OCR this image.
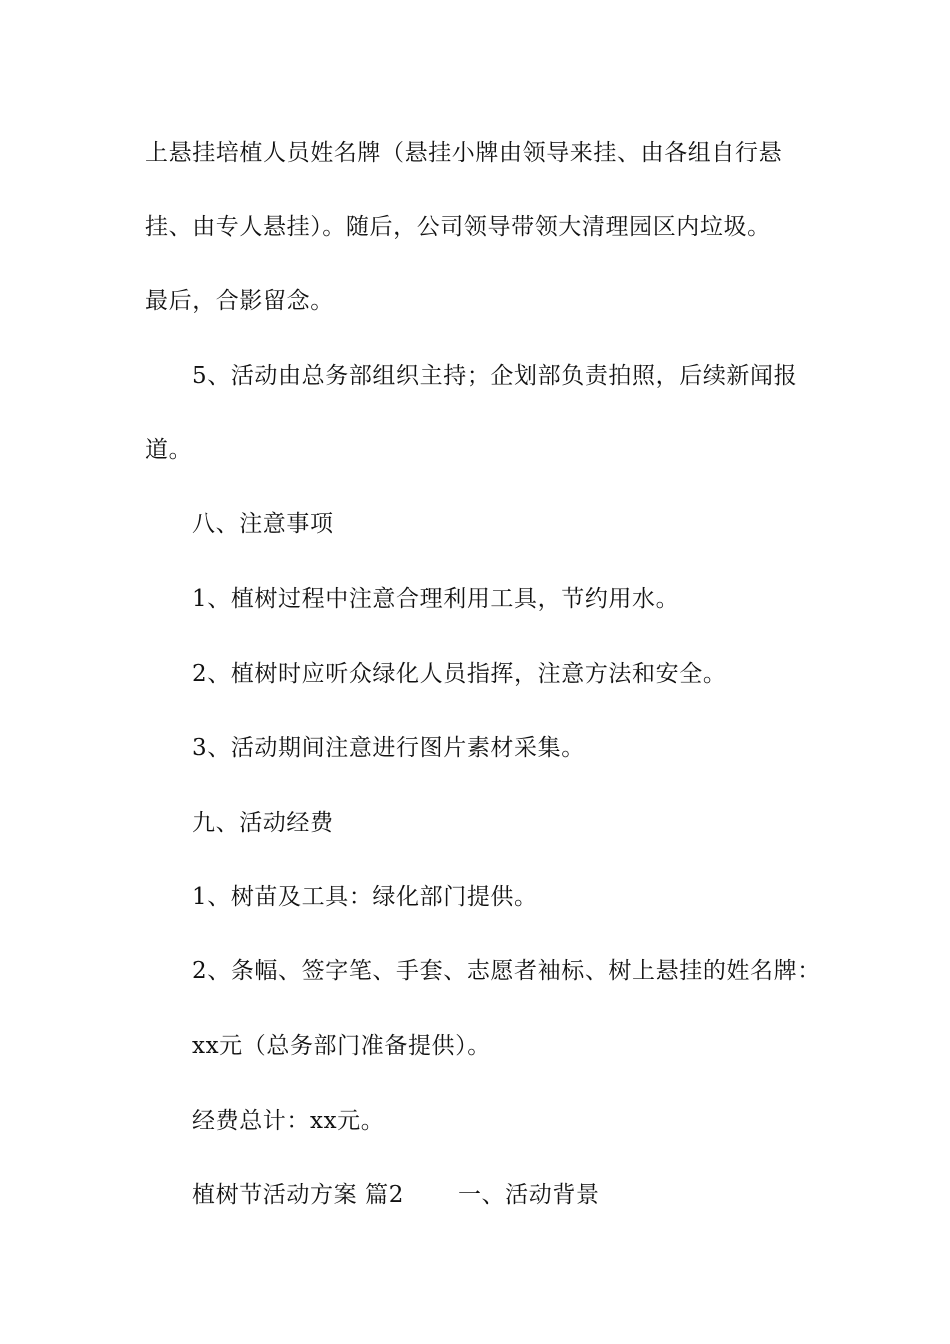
上悬挂培植人员姓名牌（悬挂小牌由领导来挂、由各组自行悬
挂、由专人悬挂）。随后，公司领导带领大清理园区内垃圾。
最后，合影留念。
5、活动由总务部组织主持；企划部负责拍照，后续新闻报
道。
八、注意事项
1、植树过程中注意合理利用工具，节约用水。
2、植树时应听众绿化人员指挥，注意方法和安全。
3、活动期间注意进行图片素材采集。
九、活动经费
1、树苗及工具：绿化部门提供。
2、条幅、签字笔、手套、志愿者袖标、树上悬挂的姓名牌：
xx元（总务部门准备提供）。
经费总计：xx元。
植树节活动方案 篇2 一、活动背景
